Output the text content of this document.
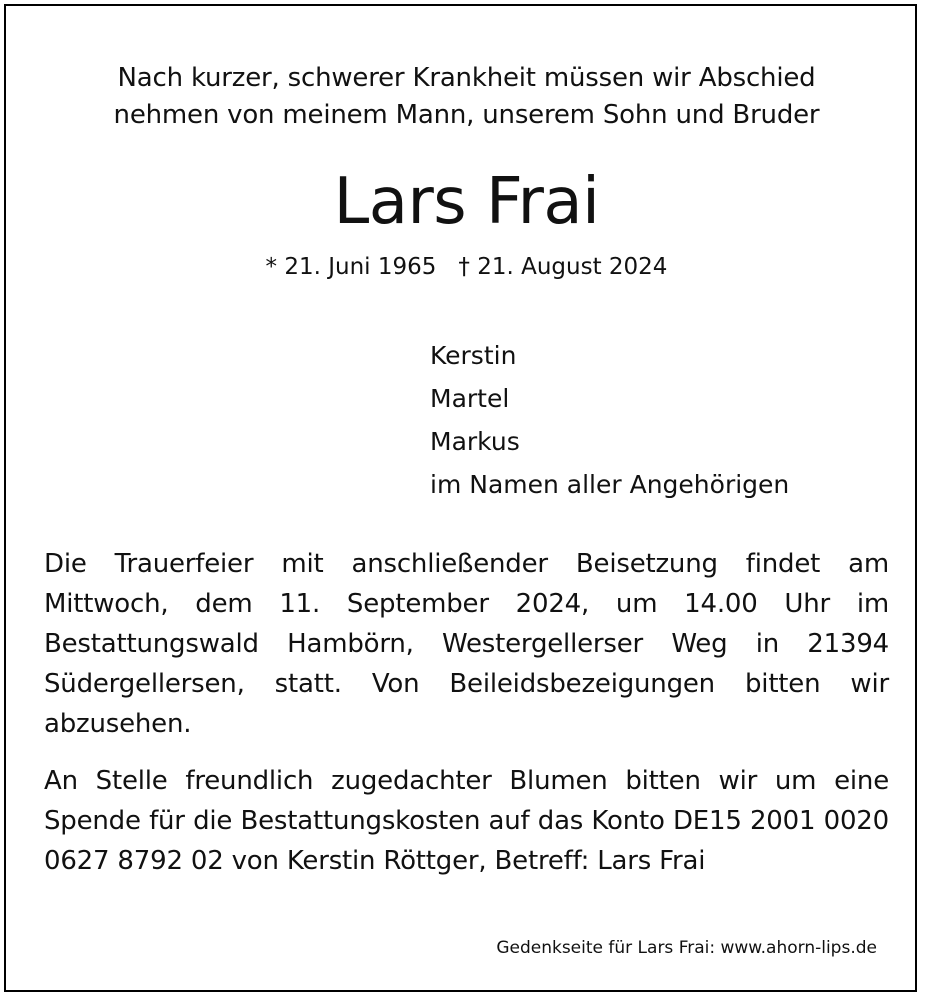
Nach kurzer, schwerer Krankheit müssen wir Abschied
nehmen von meinem Mann, unserem Sohn und Bruder
Lars Frai
* 21. Juni 1965 † 21. August 2024
Kerstin
Martel
Markus
im Namen aller Angehörigen
Die Trauerfeier mit anschließender Beisetzung findet am Mittwoch, dem 11. September 2024, um 14.00 Uhr im Bestattungswald Hambörn, Westergellerser Weg in 21394 Südergellersen, statt. Von Beileidsbezeigungen bitten wir abzusehen.
An Stelle freundlich zugedachter Blumen bitten wir um eine Spende für die Bestattungskosten auf das Konto DE15 2001 0020 0627 8792 02 von Kerstin Röttger, Betreff: Lars Frai
Gedenkseite für Lars Frai: www.ahorn-lips.de
